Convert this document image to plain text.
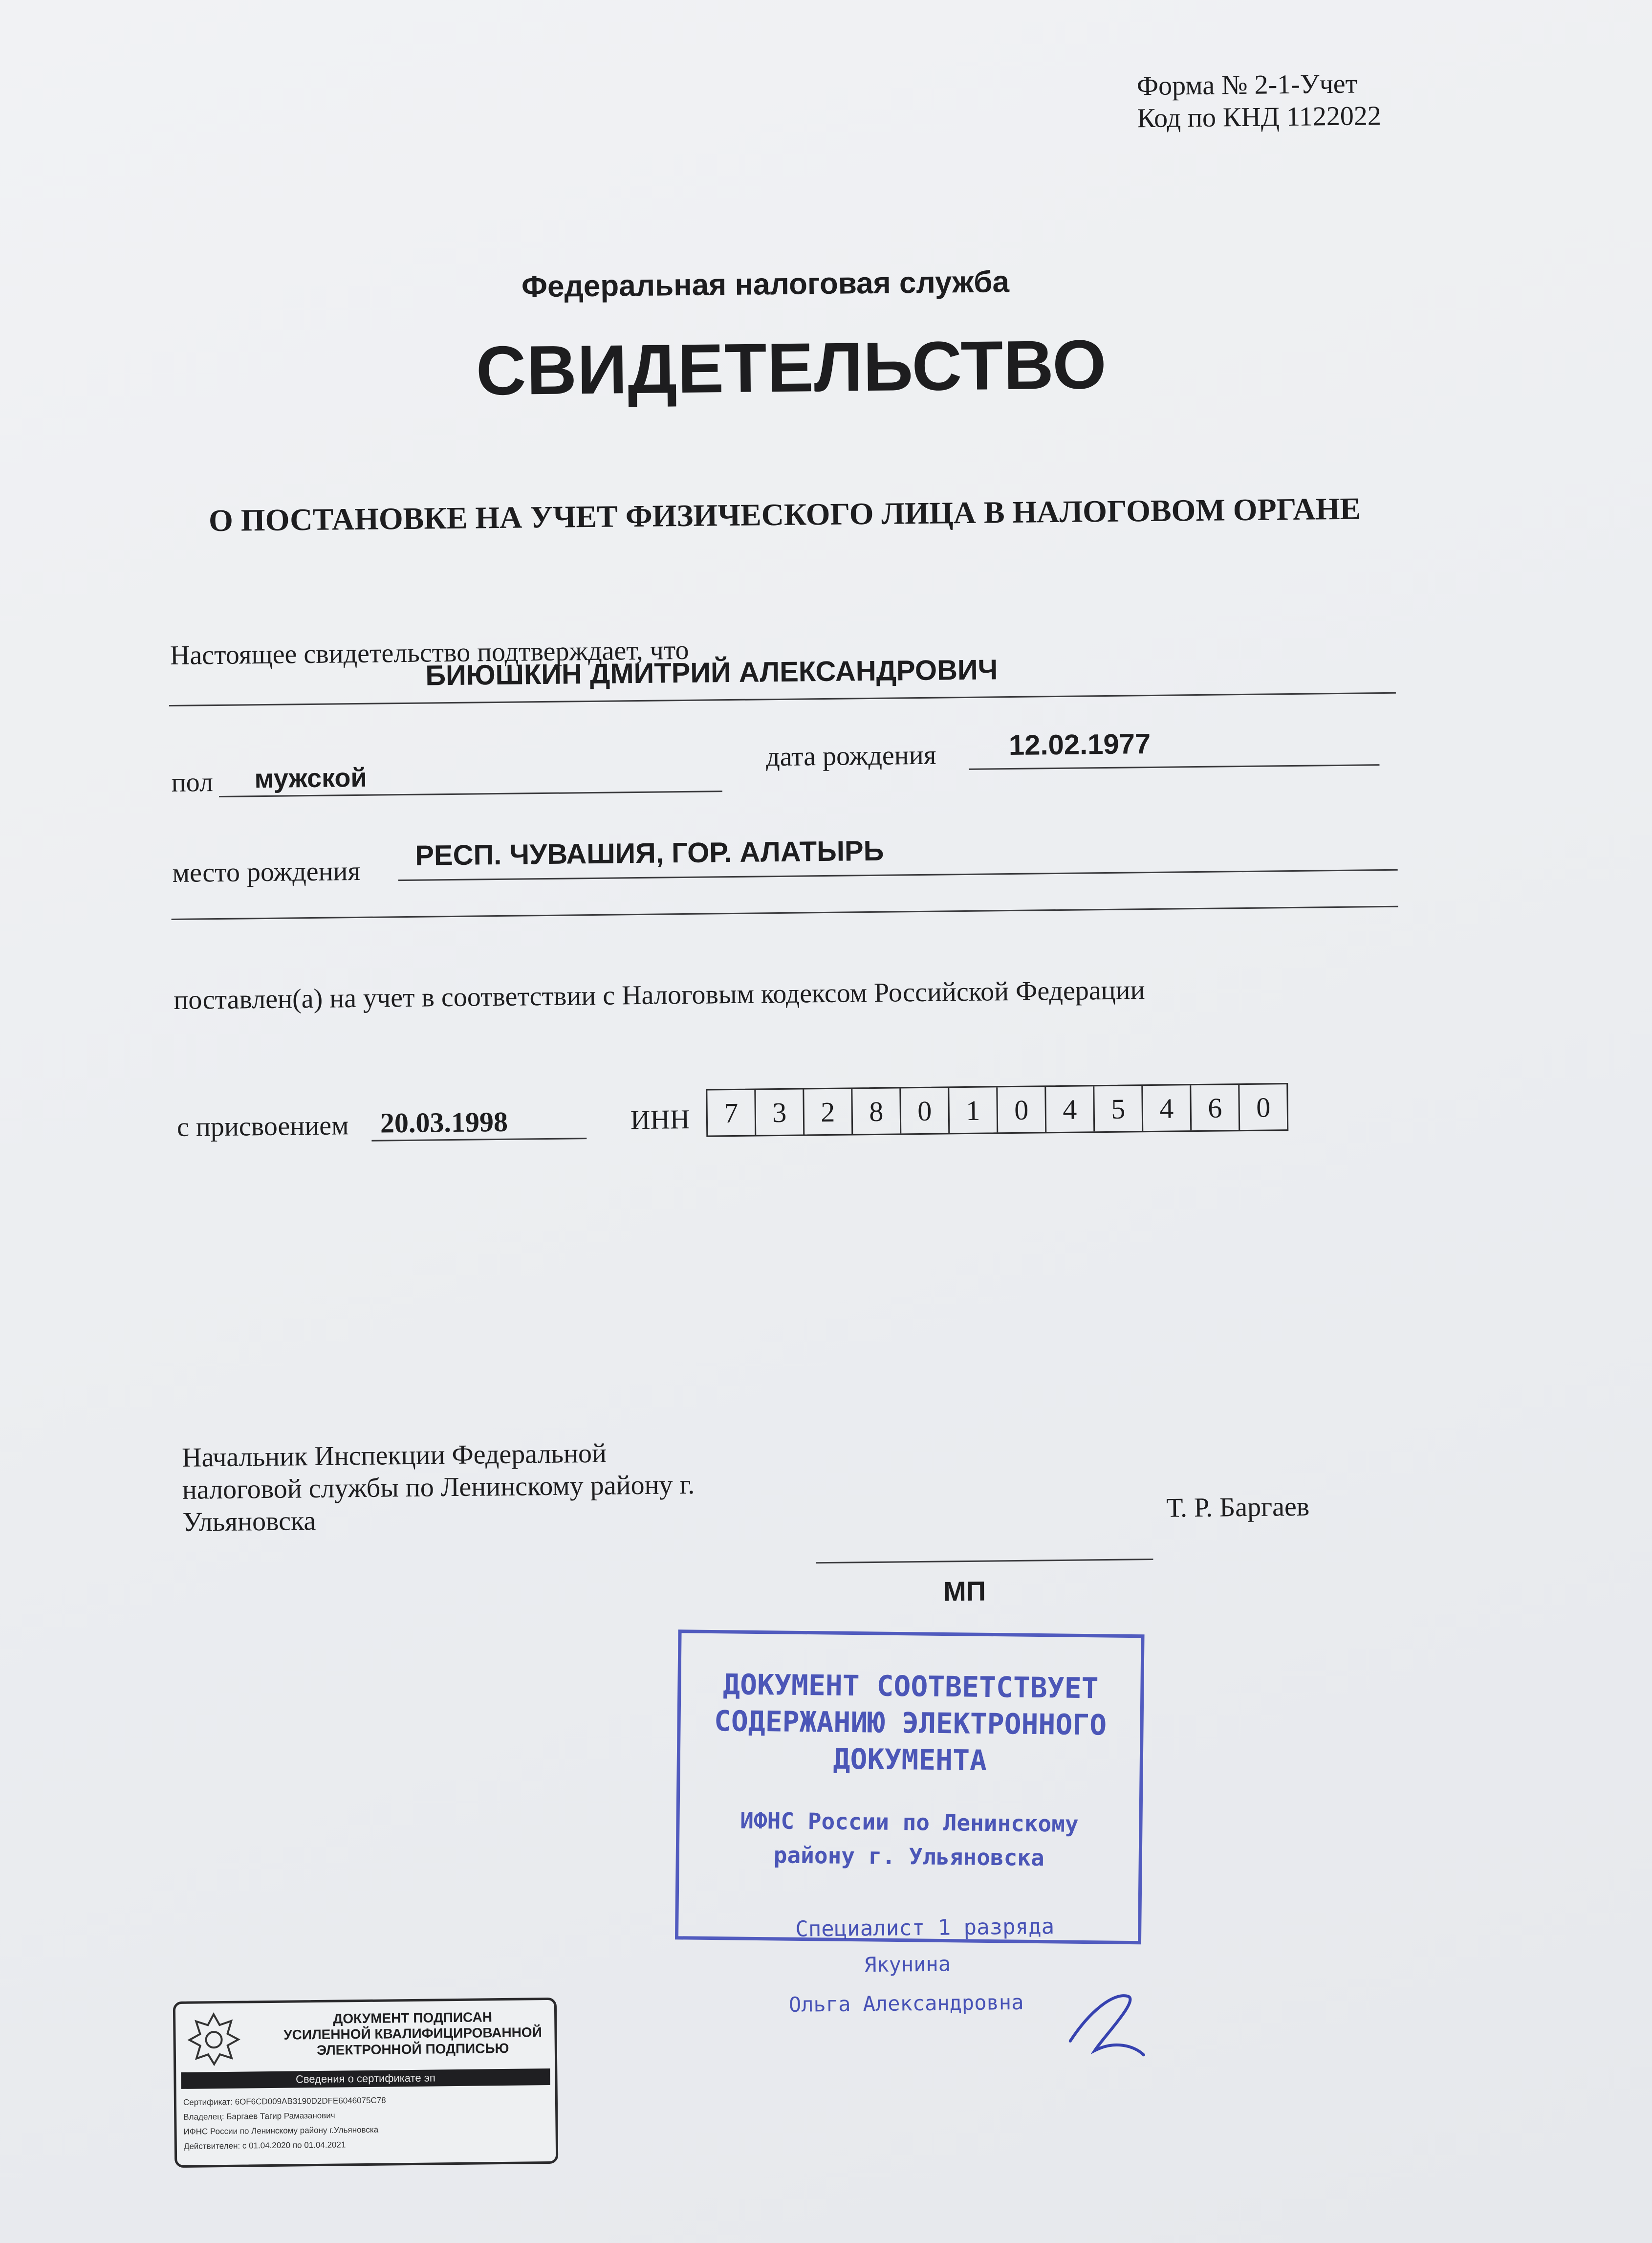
Форма № 2-1-Учет
Код по КНД 1122022
Федеральная налоговая служба
СВИДЕТЕЛЬСТВО
О ПОСТАНОВКЕ НА УЧЕТ ФИЗИЧЕСКОГО ЛИЦА В НАЛОГОВОМ ОРГАНЕ
Настоящее свидетельство подтверждает, что
БИЮШКИН ДМИТРИЙ АЛЕКСАНДРОВИЧ
пол мужской
дата рождения	12.02.1977
место рождения
РЕСП. ЧУВАШИЯ, ГОР. АЛАТЫРЬ
поставлен(а) на учет в соответствии с Налоговым кодексом Российской Федерации
с присвоением 20.03.1998	ИНН	7	3	2	8	0	1	0	4	5	4	6	0
Начальник Инспекции Федеральной
налоговой службы по Ленинскому району г.
Ульяновска	Т. Р. Баргаев
МП
ДОКУМЕНТ СООТВЕТСТВУЕТ
СОДЕРЖАНИЮ ЭЛЕКТРОННОГО
ДОКУМЕНТА
ИФНС России по Ленинскому
району г. Ульяновска
Специалист 1 разряда
Якунина
Ольга Александровна
ДОКУМЕНТ ПОДПИСАН
УСИЛЕННОЙ КВАЛИФИЦИРОВАННОЙ
ЭЛЕКТРОННОЙ ПОДПИСЬЮ
Сведения о сертификате эп
Сертификат: 6OF6CD009AB3190D2DFE6046075C78
Владелец: Баргаев Тагир Рамазанович
ИФНС России по Ленинскому району г.Ульяновска
Действителен: с 01.04.2020 по 01.04.2021
